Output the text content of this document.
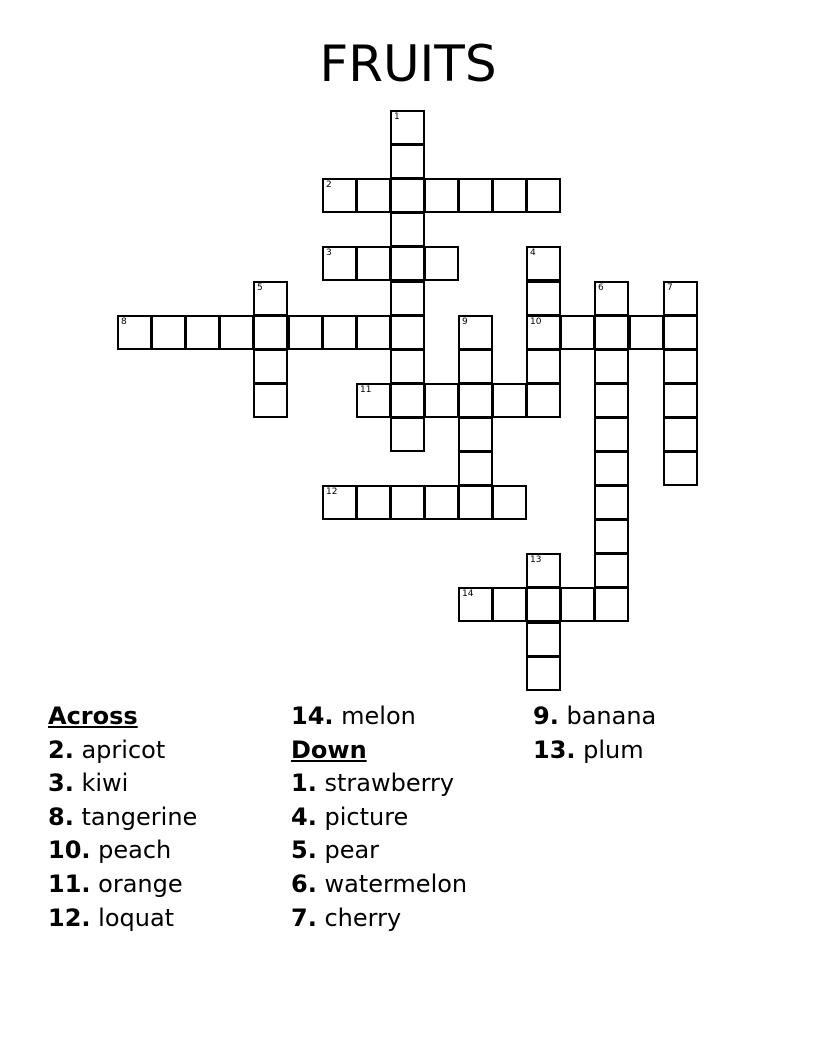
FRUITS
1
2
3	4
10
5	6	7
8	9
11
12
13
14
Across
2. apricot
3. kiwi
8. tangerine
10. peach
11. orange
12. loquat
14. melon
Down
1. strawberry
4. picture
5. pear
6. watermelon
7. cherry
9. banana
13. plum
